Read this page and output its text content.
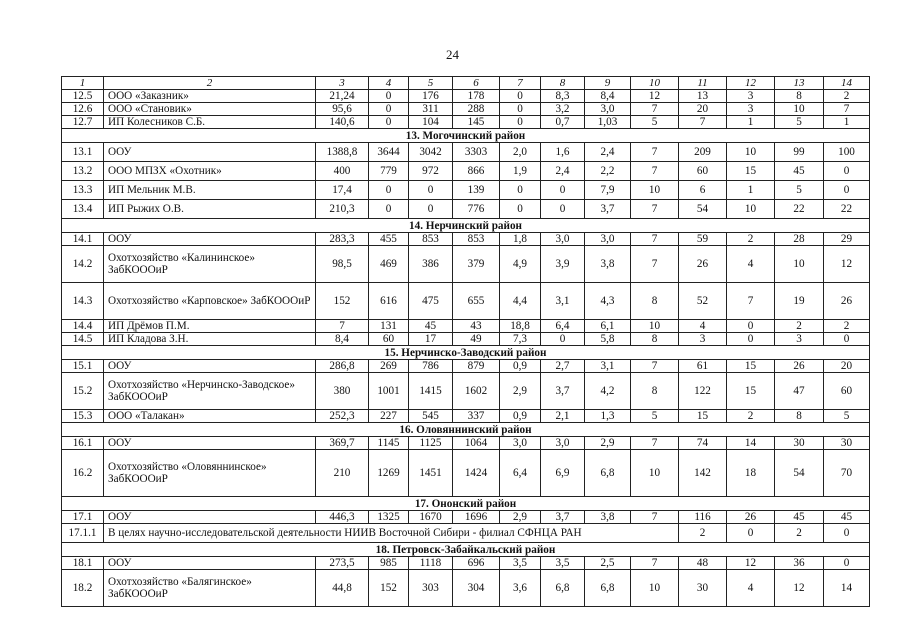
24
1	2	3	4	5	6	7	8	9	10	11	12	13	14
12.5	ООО «Заказник»	21,24	0	176	178	0	8,3	8,4	12	13	3	8	2
12.6	ООО «Становик»	95,6	0	311	288	0	3,2	3,0	7	20	3	10	7
12.7	ИП Колесников С.Б.	140,6	0	104	145	0	0,7	1,03	5	7	1	5	1
13. Могочинский район													
13.1	ООУ	1388,8	3644	3042	3303	2,0	1,6	2,4	7	209	10	99	100
13.2	ООО МПЗХ «Охотник»	400	779	972	866	1,9	2,4	2,2	7	60	15	45	0
13.3	ИП Мельник М.В.	17,4	0	0	139	0	0	7,9	10	6	1	5	0
13.4	ИП Рыжих О.В.	210,3	0	0	776	0	0	3,7	7	54	10	22	22
14. Нерчинский район													
14.1	ООУ	283,3	455	853	853	1,8	3,0	3,0	7	59	2	28	29
14.2	Охотхозяйство «Калининское» ЗабКОООиР	98,5	469	386	379	4,9	3,9	3,8	7	26	4	10	12
14.3	Охотхозяйство «Карповское» ЗабКОООиР	152	616	475	655	4,4	3,1	4,3	8	52	7	19	26
14.4	ИП Дрёмов П.М.	7	131	45	43	18,8	6,4	6,1	10	4	0	2	2
14.5	ИП Кладова З.Н.	8,4	60	17	49	7,3	0	5,8	8	3	0	3	0
15. Нерчинско-Заводский район													
15.1	ООУ	286,8	269	786	879	0,9	2,7	3,1	7	61	15	26	20
15.2	Охотхозяйство «Нерчинско-Заводское» ЗабКОООиР	380	1001	1415	1602	2,9	3,7	4,2	8	122	15	47	60
15.3	ООО «Талакан»	252,3	227	545	337	0,9	2,1	1,3	5	15	2	8	5
16. Оловяннинский район													
16.1	ООУ	369,7	1145	1125	1064	3,0	3,0	2,9	7	74	14	30	30
16.2	Охотхозяйство «Оловяннинское» ЗабКОООиР	210	1269	1451	1424	6,4	6,9	6,8	10	142	18	54	70
17. Ононский район													
17.1	ООУ	446,3	1325	1670	1696	2,9	3,7	3,8	7	116	26	45	45
17.1.1	В целях научно-исследовательской деятельности НИИВ Восточной Сибири - филиал СФНЦА РАН									2	0	2	0
18. Петровск-Забайкальский район													
18.1	ООУ	273,5	985	1118	696	3,5	3,5	2,5	7	48	12	36	0
18.2	Охотхозяйство «Балягинское» ЗабКОООиР	44,8	152	303	304	3,6	6,8	6,8	10	30	4	12	14
